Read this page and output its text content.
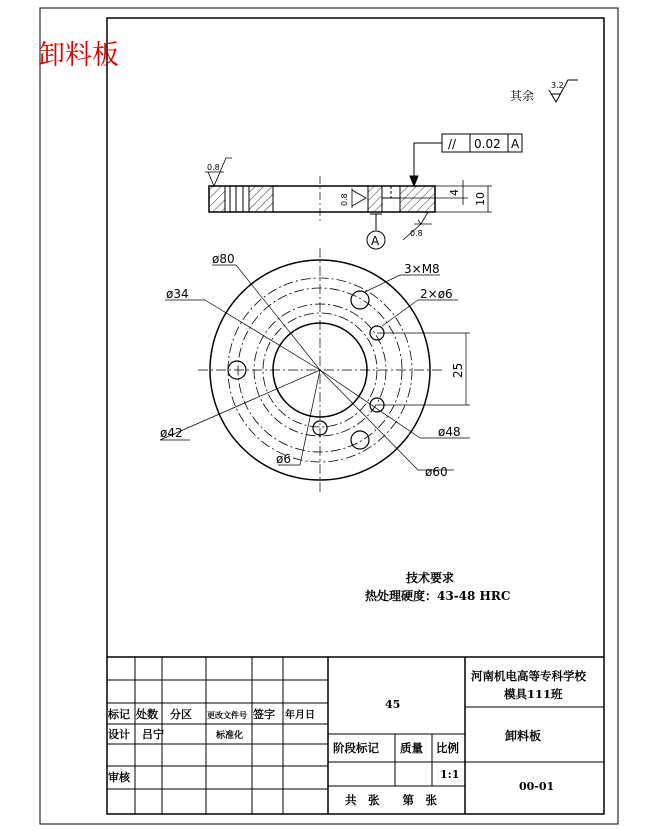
卸料板
其余
3.2
0.8
0.8
0.8
// 0.02 A
A
4 10
ø80
ø34
ø42	ø48
ø60
ø6
3×M8
2×ø6
25
技术要求
热处理硬度：43-48 HRC
河南机电高等专科学校
模具111班
45
卸料板
00-01
阶段标记 质量 比例
1:1
共　张　　第　张
标记 处数 分区 更改文件号 签字 年月日
设计 吕宁	标准化
审核
